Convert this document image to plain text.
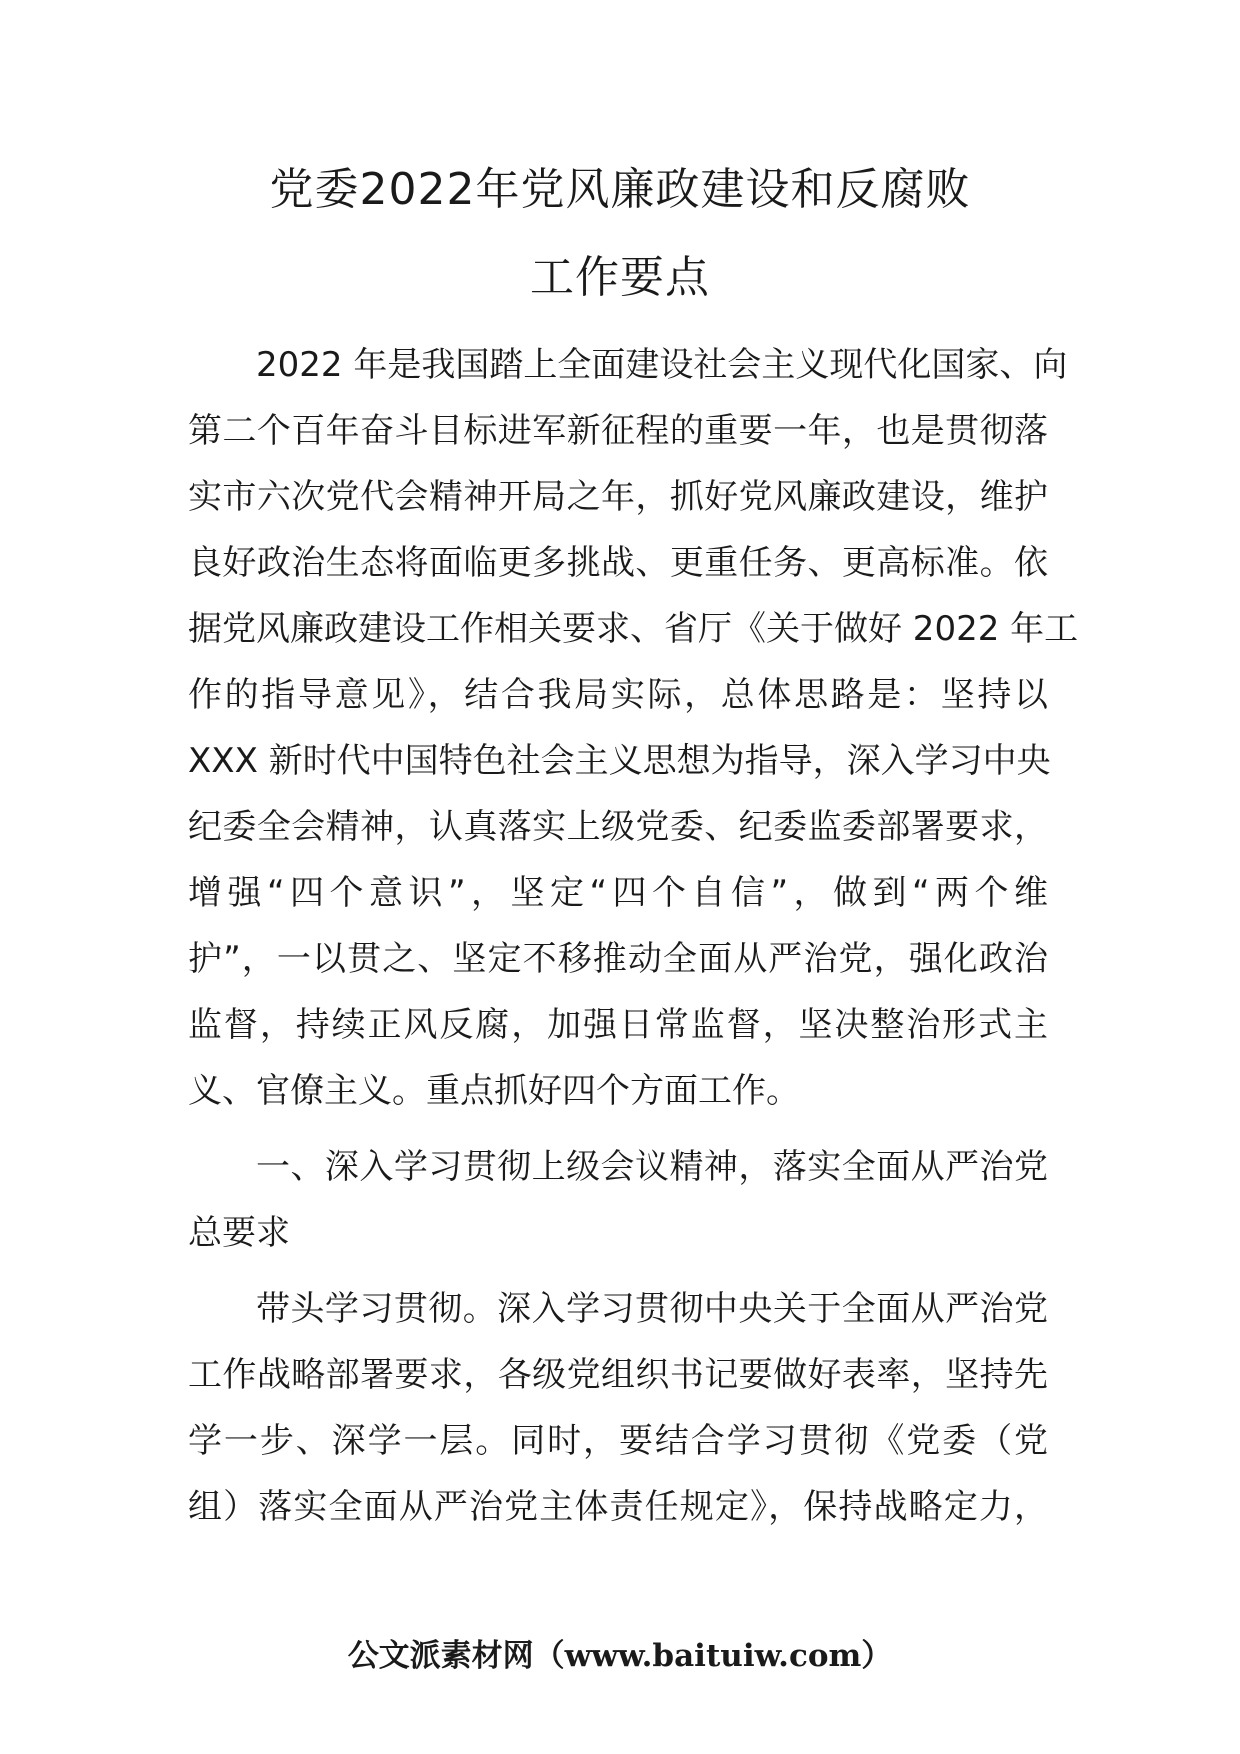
党委2022年党风廉政建设和反腐败
工作要点
2022 年是我国踏上全面建设社会主义现代化国家、向
第二个百年奋斗目标进军新征程的重要一年，也是贯彻落
实市六次党代会精神开局之年，抓好党风廉政建设，维护
良好政治生态将面临更多挑战、更重任务、更高标准。依
据党风廉政建设工作相关要求、省厅《关于做好 2022 年工
作的指导意见》，结合我局实际，总体思路是：坚持以
XXX 新时代中国特色社会主义思想为指导，深入学习中央
纪委全会精神，认真落实上级党委、纪委监委部署要求，
增强“四个意识”，坚定“四个自信”，做到“两个维
护”，一以贯之、坚定不移推动全面从严治党，强化政治
监督，持续正风反腐，加强日常监督，坚决整治形式主
义、官僚主义。重点抓好四个方面工作。
一、深入学习贯彻上级会议精神，落实全面从严治党
总要求
带头学习贯彻。深入学习贯彻中央关于全面从严治党
工作战略部署要求，各级党组织书记要做好表率，坚持先
学一步、深学一层。同时，要结合学习贯彻《党委（党
组）落实全面从严治党主体责任规定》，保持战略定力，
公文派素材网（www.baituiw.com）
